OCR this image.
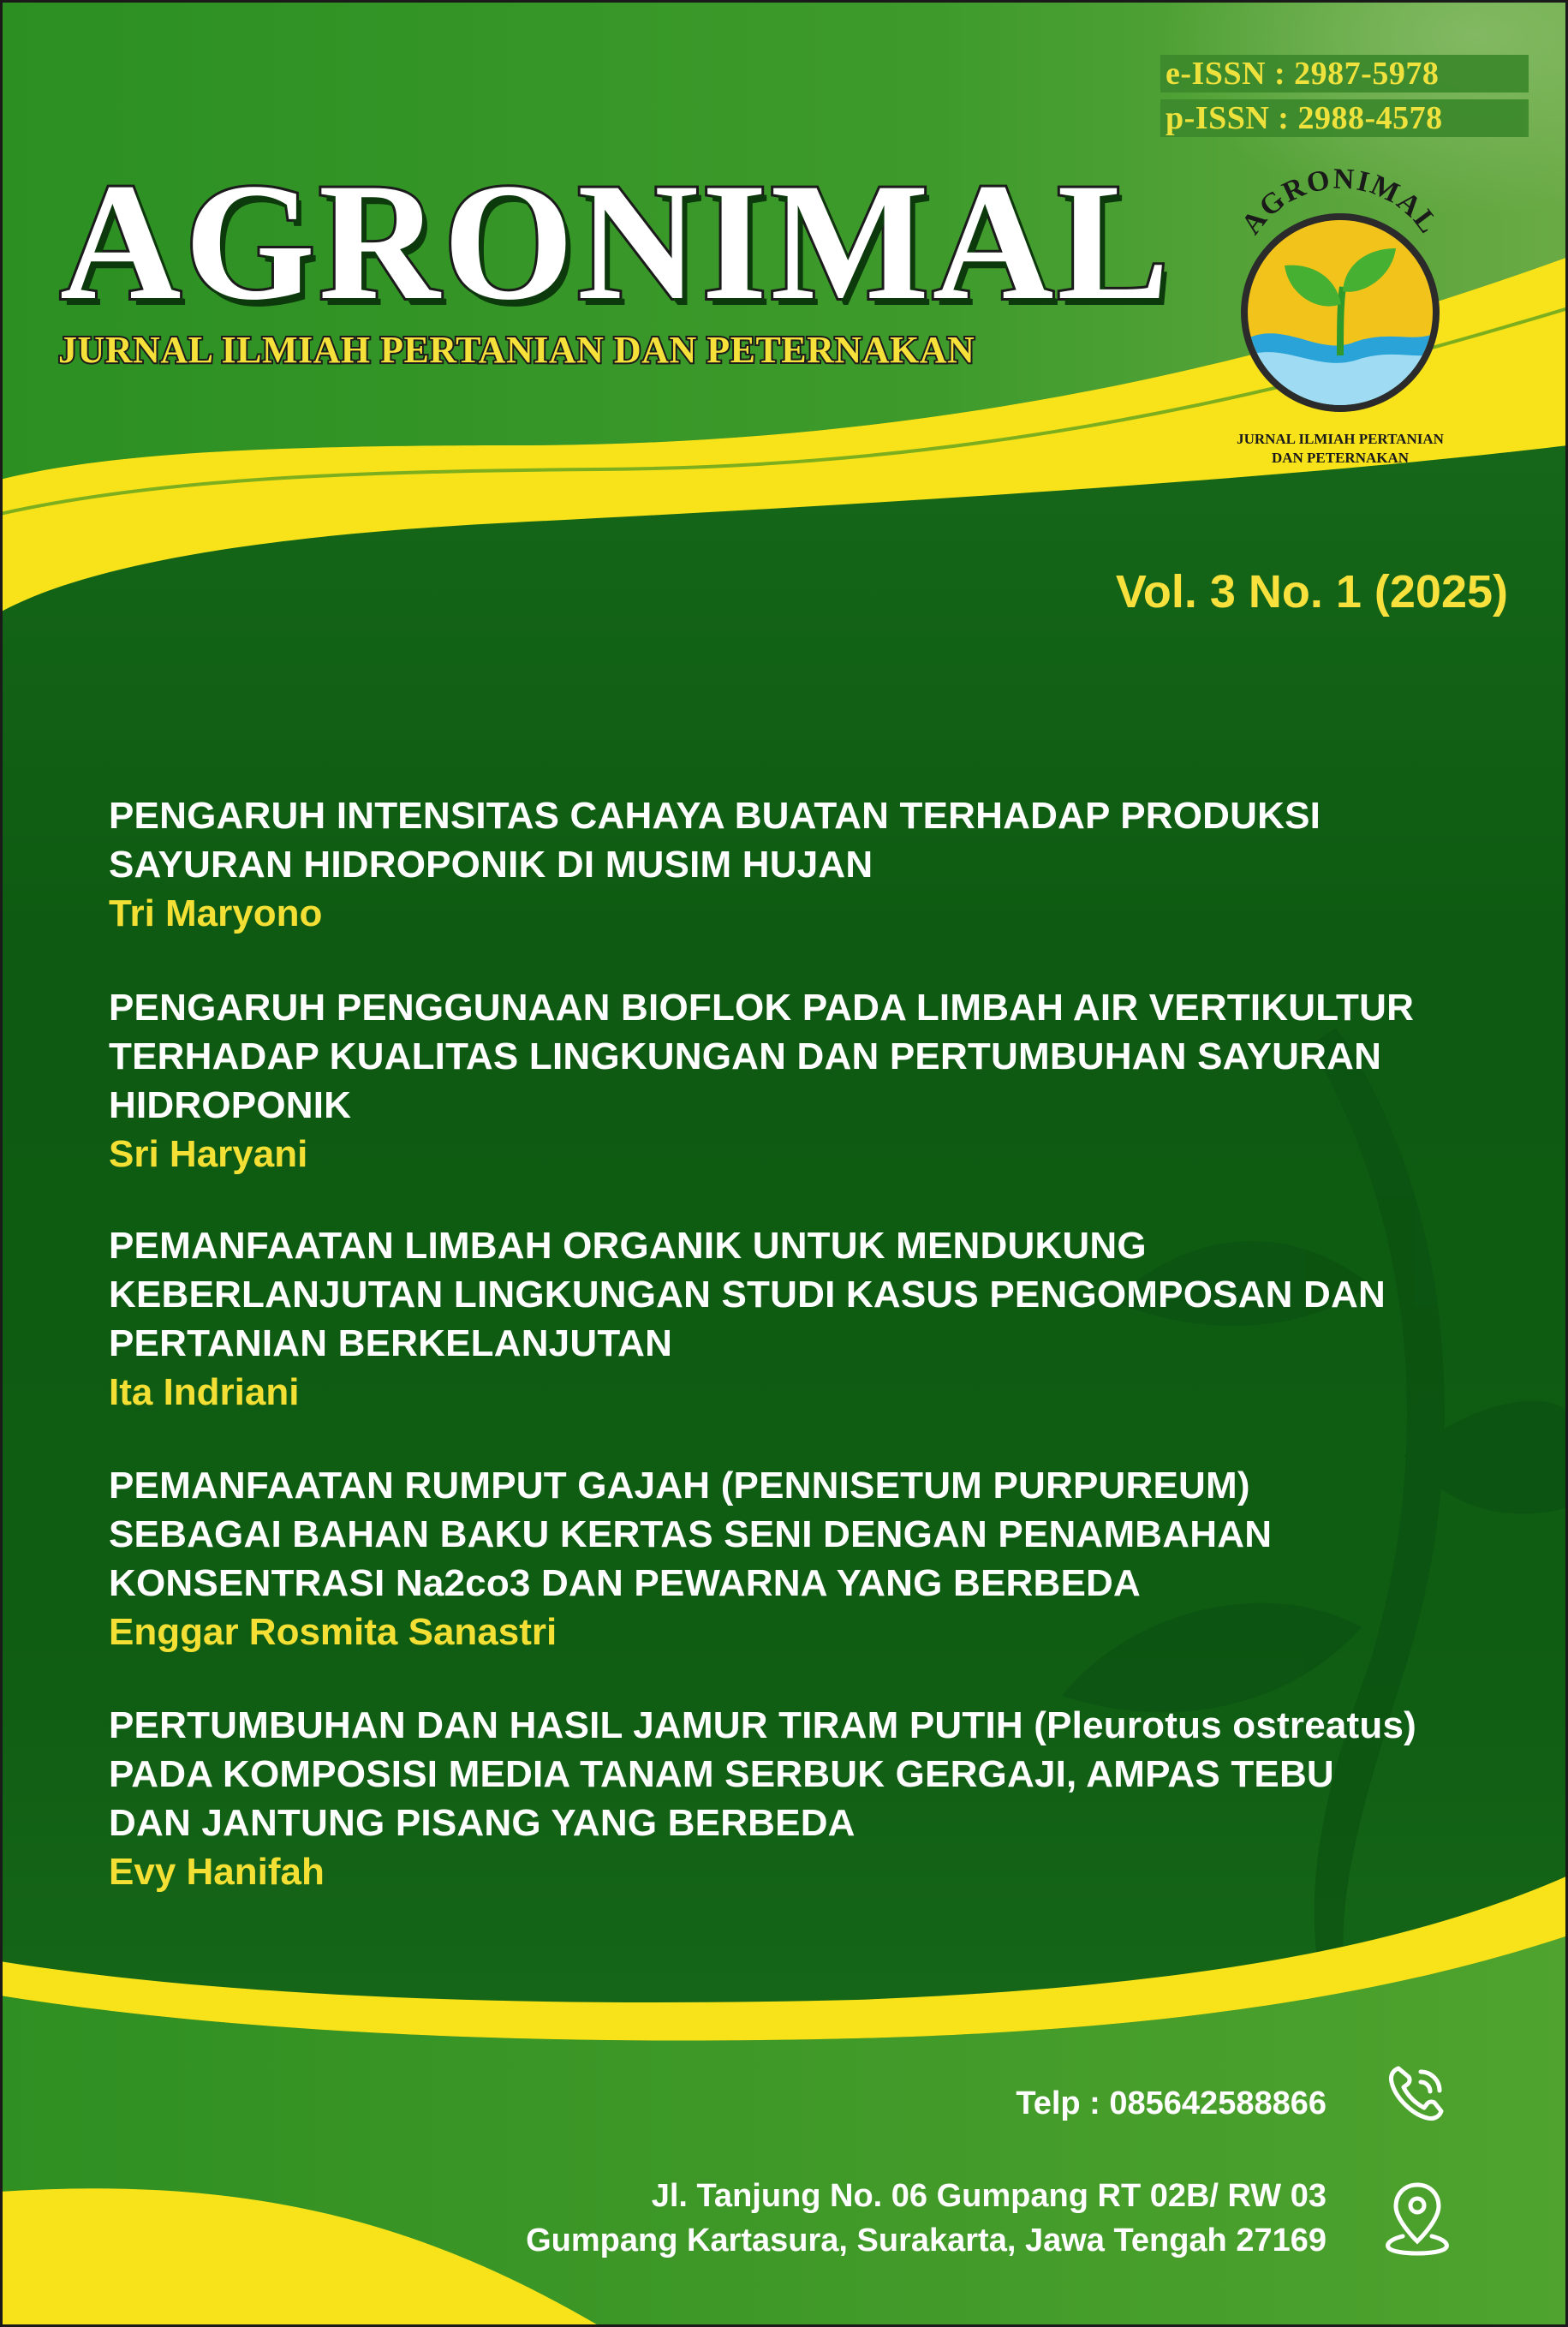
e-ISSN : 2987-5978
p-ISSN : 2988-4578
AGRONIMAL
JURNAL ILMIAH PERTANIAN DAN PETERNAKAN
AGRONIMAL
JURNAL ILMIAH PERTANIAN
DAN PETERNAKAN
Vol. 3 No. 1 (2025)
PENGARUH INTENSITAS CAHAYA BUATAN TERHADAP PRODUKSI
SAYURAN HIDROPONIK DI MUSIM HUJAN
Tri Maryono
PENGARUH PENGGUNAAN BIOFLOK PADA LIMBAH AIR VERTIKULTUR
TERHADAP KUALITAS LINGKUNGAN DAN PERTUMBUHAN SAYURAN
HIDROPONIK
Sri Haryani
PEMANFAATAN LIMBAH ORGANIK UNTUK MENDUKUNG
KEBERLANJUTAN LINGKUNGAN STUDI KASUS PENGOMPOSAN DAN
PERTANIAN BERKELANJUTAN
Ita Indriani
PEMANFAATAN RUMPUT GAJAH (PENNISETUM PURPUREUM)
SEBAGAI BAHAN BAKU KERTAS SENI DENGAN PENAMBAHAN
KONSENTRASI Na2co3 DAN PEWARNA YANG BERBEDA
Enggar Rosmita Sanastri
PERTUMBUHAN DAN HASIL JAMUR TIRAM PUTIH (Pleurotus ostreatus)
PADA KOMPOSISI MEDIA TANAM SERBUK GERGAJI, AMPAS TEBU
DAN JANTUNG PISANG YANG BERBEDA
Evy Hanifah
Telp : 085642588866
Jl. Tanjung No. 06 Gumpang RT 02B/ RW 03
Gumpang Kartasura, Surakarta, Jawa Tengah 27169
